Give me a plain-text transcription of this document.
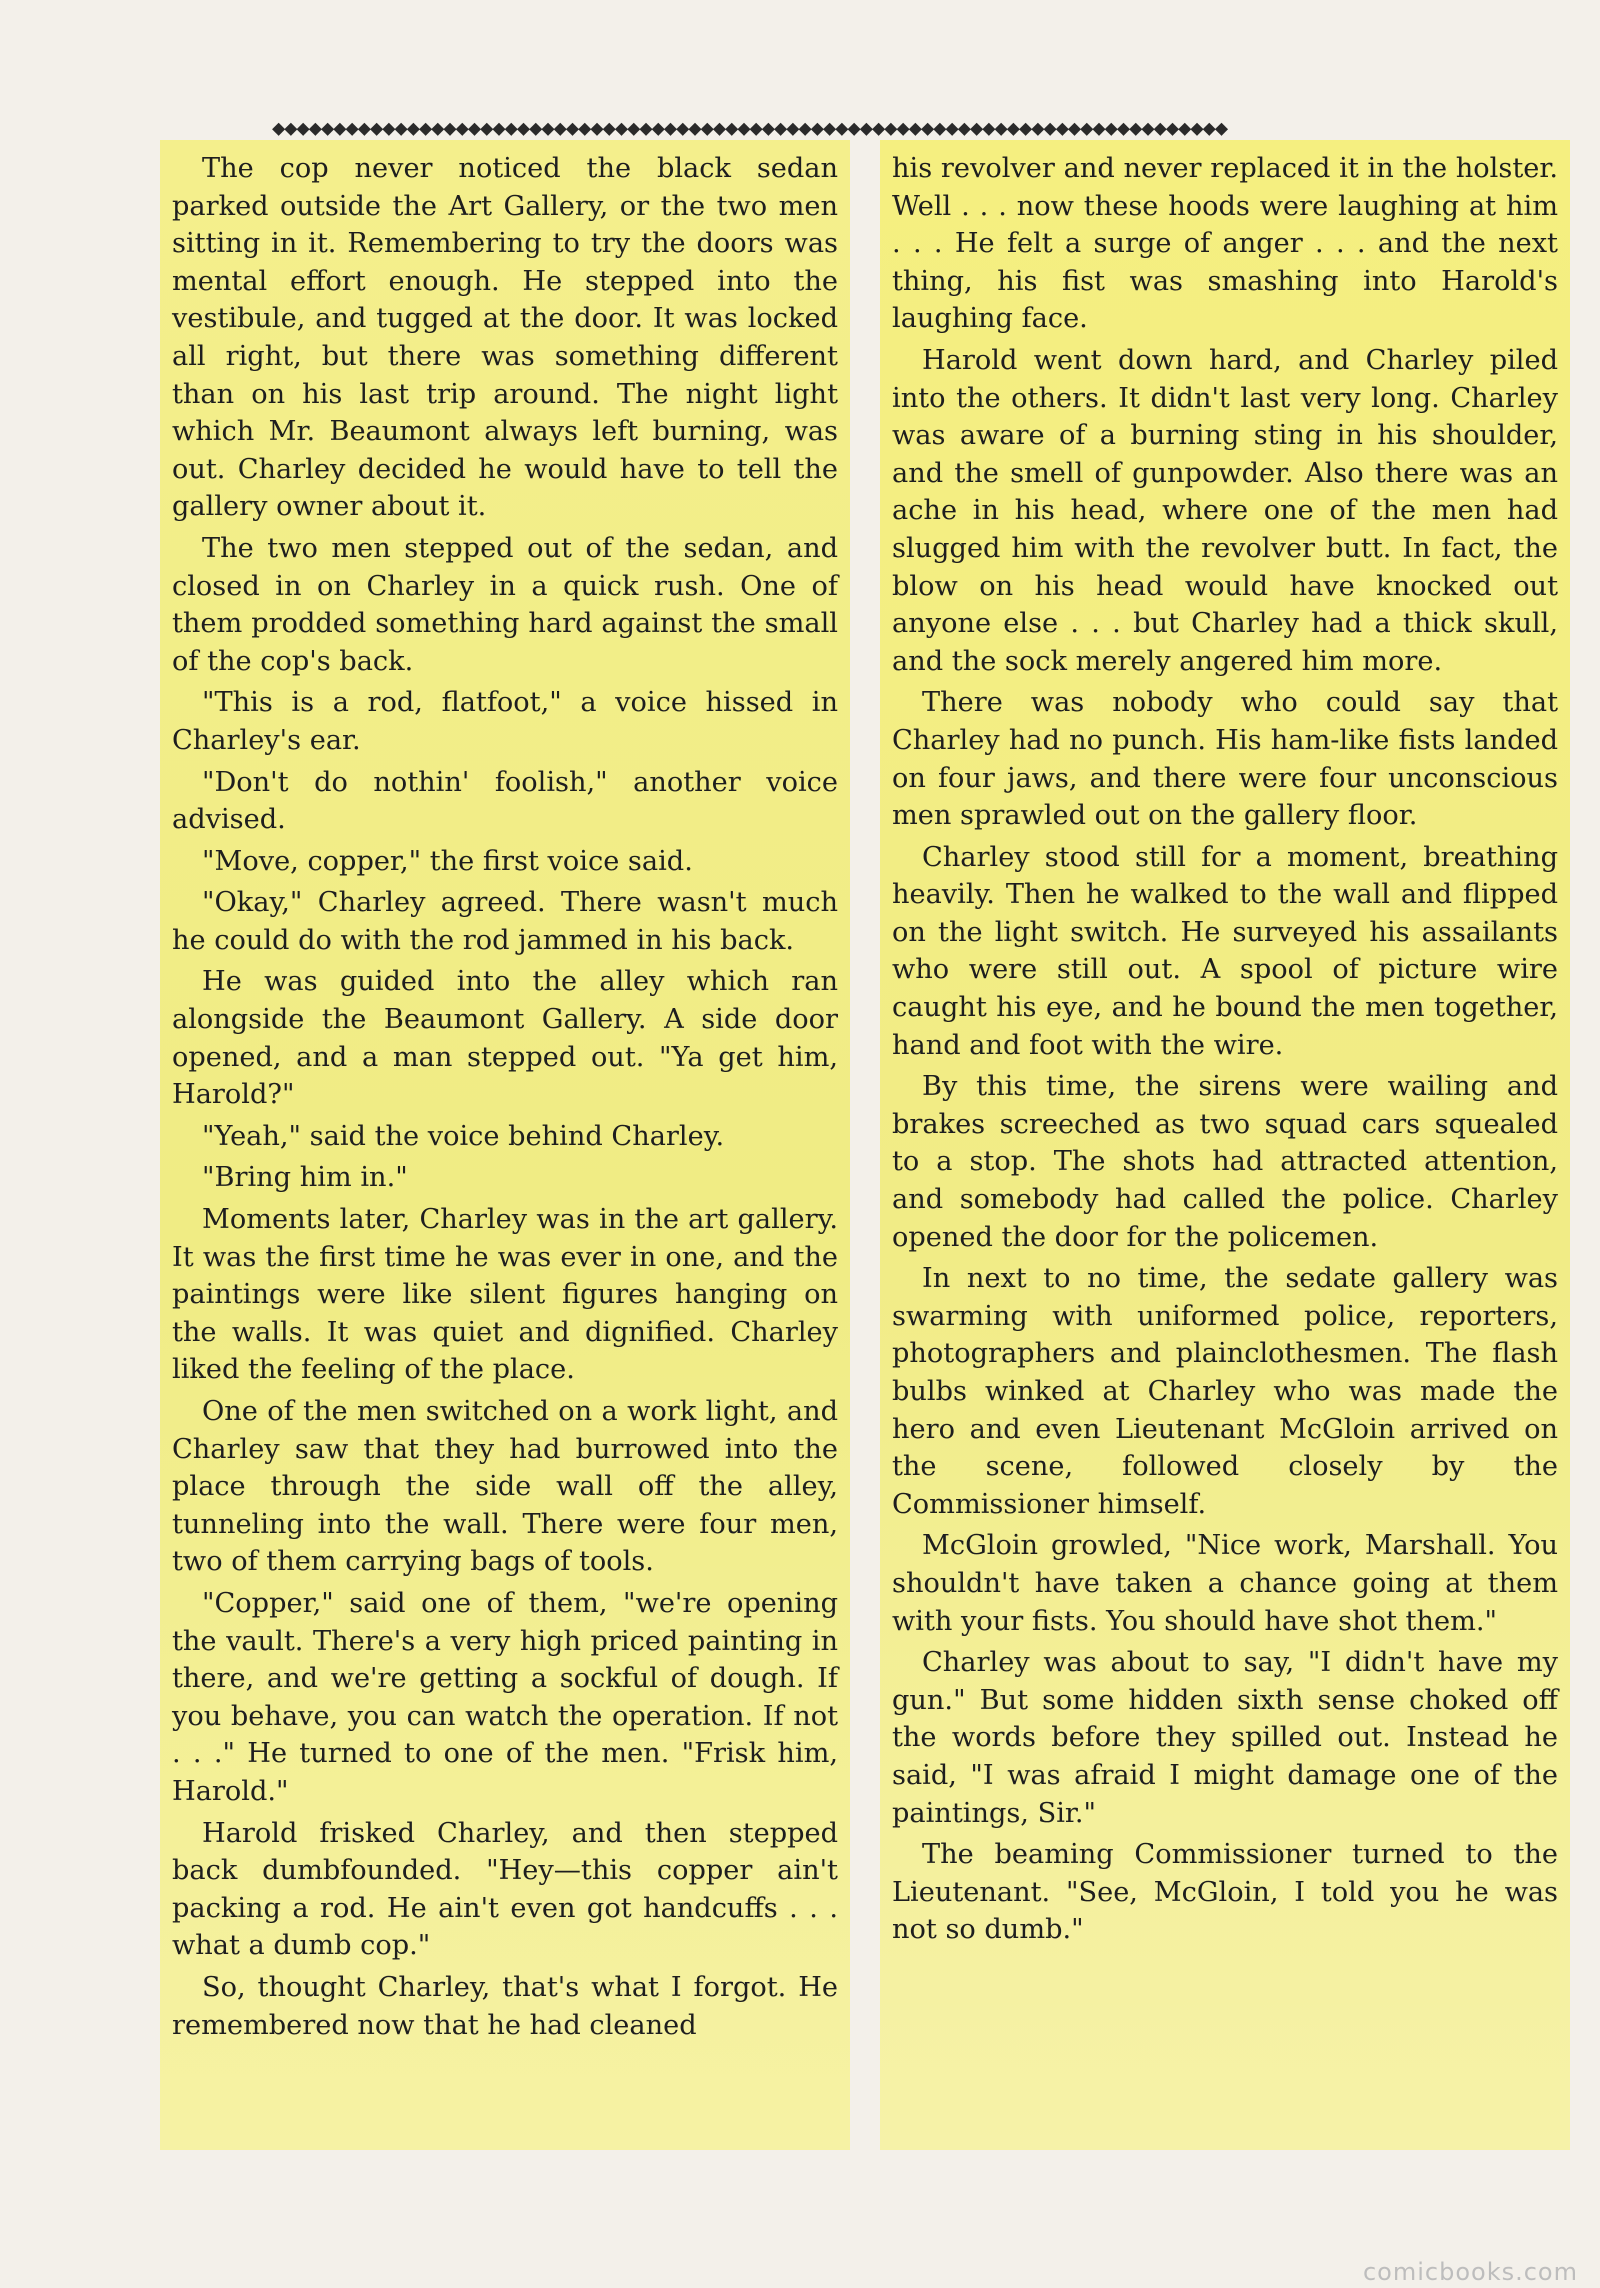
◆◆◆◆◆◆◆◆◆◆◆◆◆◆◆◆◆◆◆◆◆◆◆◆◆◆◆◆◆◆◆◆◆◆◆◆◆◆◆◆◆◆◆◆◆◆◆◆◆◆◆◆◆◆◆◆◆◆◆◆◆◆◆◆◆◆◆◆◆◆◆◆◆◆◆◆◆◆

The cop never noticed the black sedan parked outside the Art Gallery, or the two men sitting in it. Remembering to try the doors was mental effort enough. He stepped into the vestibule, and tugged at the door. It was locked all right, but there was something different than on his last trip around. The night light which Mr. Beaumont always left burning, was out. Charley decided he would have to tell the gallery owner about it.

The two men stepped out of the sedan, and closed in on Charley in a quick rush. One of them prodded something hard against the small of the cop's back.

"This is a rod, flatfoot," a voice hissed in Charley's ear.

"Don't do nothin' foolish," another voice advised.

"Move, copper," the first voice said.

"Okay," Charley agreed. There wasn't much he could do with the rod jammed in his back.

He was guided into the alley which ran alongside the Beaumont Gallery. A side door opened, and a man stepped out. "Ya get him, Harold?"

"Yeah," said the voice behind Charley.

"Bring him in."

Moments later, Charley was in the art gallery. It was the first time he was ever in one, and the paintings were like silent figures hanging on the walls. It was quiet and dignified. Charley liked the feeling of the place.

One of the men switched on a work light, and Charley saw that they had burrowed into the place through the side wall off the alley, tunneling into the wall. There were four men, two of them carrying bags of tools.

"Copper," said one of them, "we're opening the vault. There's a very high priced painting in there, and we're getting a sockful of dough. If you behave, you can watch the operation. If not . . ." He turned to one of the men. "Frisk him, Harold."

Harold frisked Charley, and then stepped back dumbfounded. "Hey—this copper ain't packing a rod. He ain't even got handcuffs . . . what a dumb cop."

So, thought Charley, that's what I forgot. He remembered now that he had cleaned

his revolver and never replaced it in the holster. Well . . . now these hoods were laughing at him . . . He felt a surge of anger . . . and the next thing, his fist was smashing into Harold's laughing face.

Harold went down hard, and Charley piled into the others. It didn't last very long. Charley was aware of a burning sting in his shoulder, and the smell of gunpowder. Also there was an ache in his head, where one of the men had slugged him with the revolver butt. In fact, the blow on his head would have knocked out anyone else . . . but Charley had a thick skull, and the sock merely angered him more.

There was nobody who could say that Charley had no punch. His ham-like fists landed on four jaws, and there were four unconscious men sprawled out on the gallery floor.

Charley stood still for a moment, breathing heavily. Then he walked to the wall and flipped on the light switch. He surveyed his assailants who were still out. A spool of picture wire caught his eye, and he bound the men together, hand and foot with the wire.

By this time, the sirens were wailing and brakes screeched as two squad cars squealed to a stop. The shots had attracted attention, and somebody had called the police. Charley opened the door for the policemen.

In next to no time, the sedate gallery was swarming with uniformed police, reporters, photographers and plainclothesmen. The flash bulbs winked at Charley who was made the hero and even Lieutenant McGloin arrived on the scene, followed closely by the Commissioner himself.

McGloin growled, "Nice work, Marshall. You shouldn't have taken a chance going at them with your fists. You should have shot them."

Charley was about to say, "I didn't have my gun." But some hidden sixth sense choked off the words before they spilled out. Instead he said, "I was afraid I might damage one of the paintings, Sir."

The beaming Commissioner turned to the Lieutenant. "See, McGloin, I told you he was not so dumb."

comicbooks.com
